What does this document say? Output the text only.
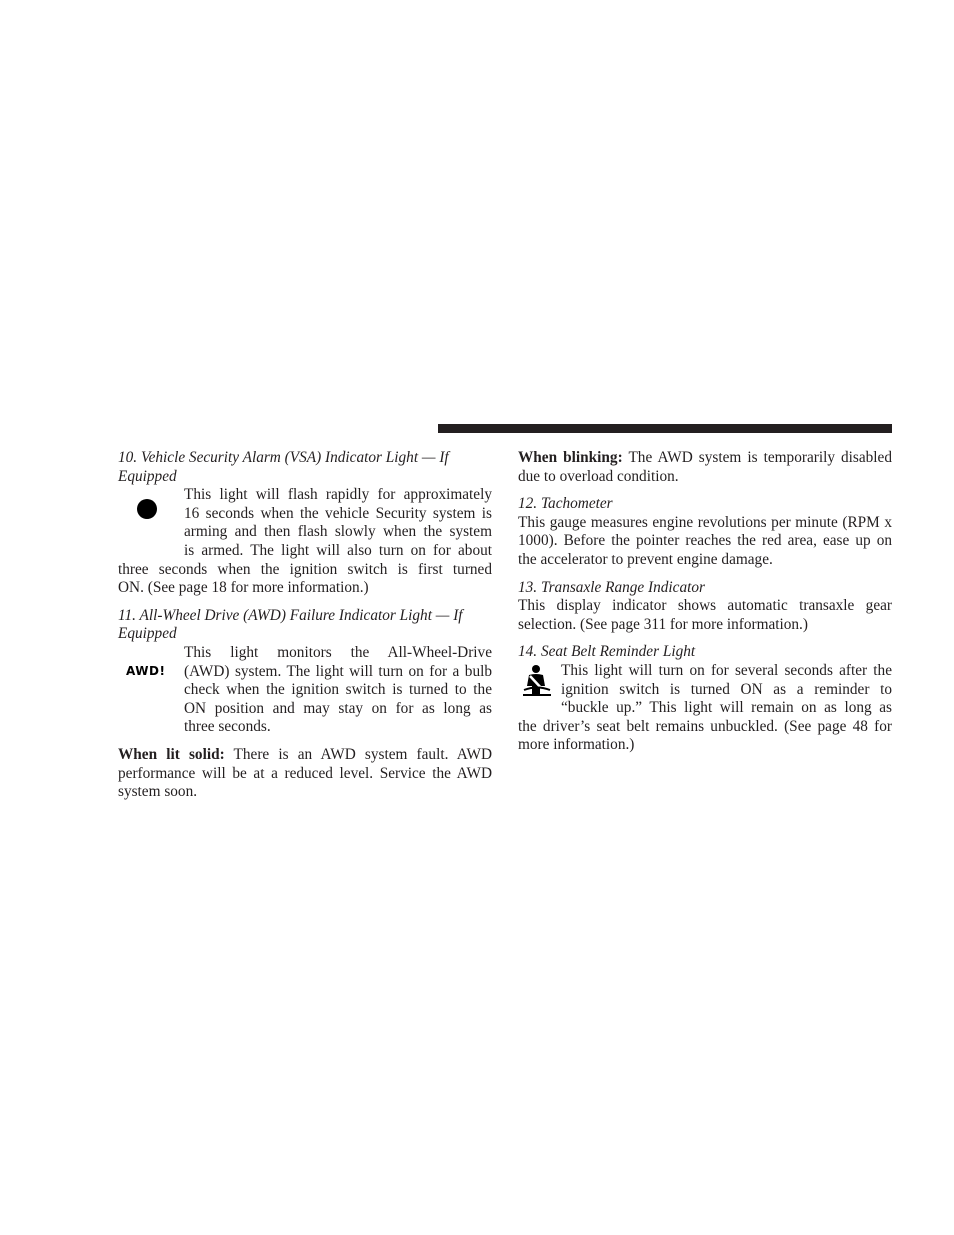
10. Vehicle Security Alarm (VSA) Indicator Light — If Equipped

This light will flash rapidly for approximately
16 seconds when the vehicle Security system is
arming and then flash slowly when the system
is armed. The light will also turn on for about
three seconds when the ignition switch is first turned
ON. (See page 18 for more information.)

11. All-Wheel Drive (AWD) Failure Indicator Light — If Equipped

AWD!
This light monitors the All-Wheel-Drive
(AWD) system. The light will turn on for a bulb
check when the ignition switch is turned to the
ON position and may stay on for as long as
three seconds.

When lit solid: There is an AWD system fault. AWD performance will be at a reduced level. Service the AWD system soon.

When blinking: The AWD system is temporarily disabled due to overload condition.

12. Tachometer

This gauge measures engine revolutions per minute (RPM x 1000). Before the pointer reaches the red area, ease up on the accelerator to prevent engine damage.

13. Transaxle Range Indicator

This display indicator shows automatic transaxle gear selection. (See page 311 for more information.)

14. Seat Belt Reminder Light

This light will turn on for several seconds after the
ignition switch is turned ON as a reminder to
“buckle up.” This light will remain on as long as
the driver’s seat belt remains unbuckled. (See page 48 for
more information.)
